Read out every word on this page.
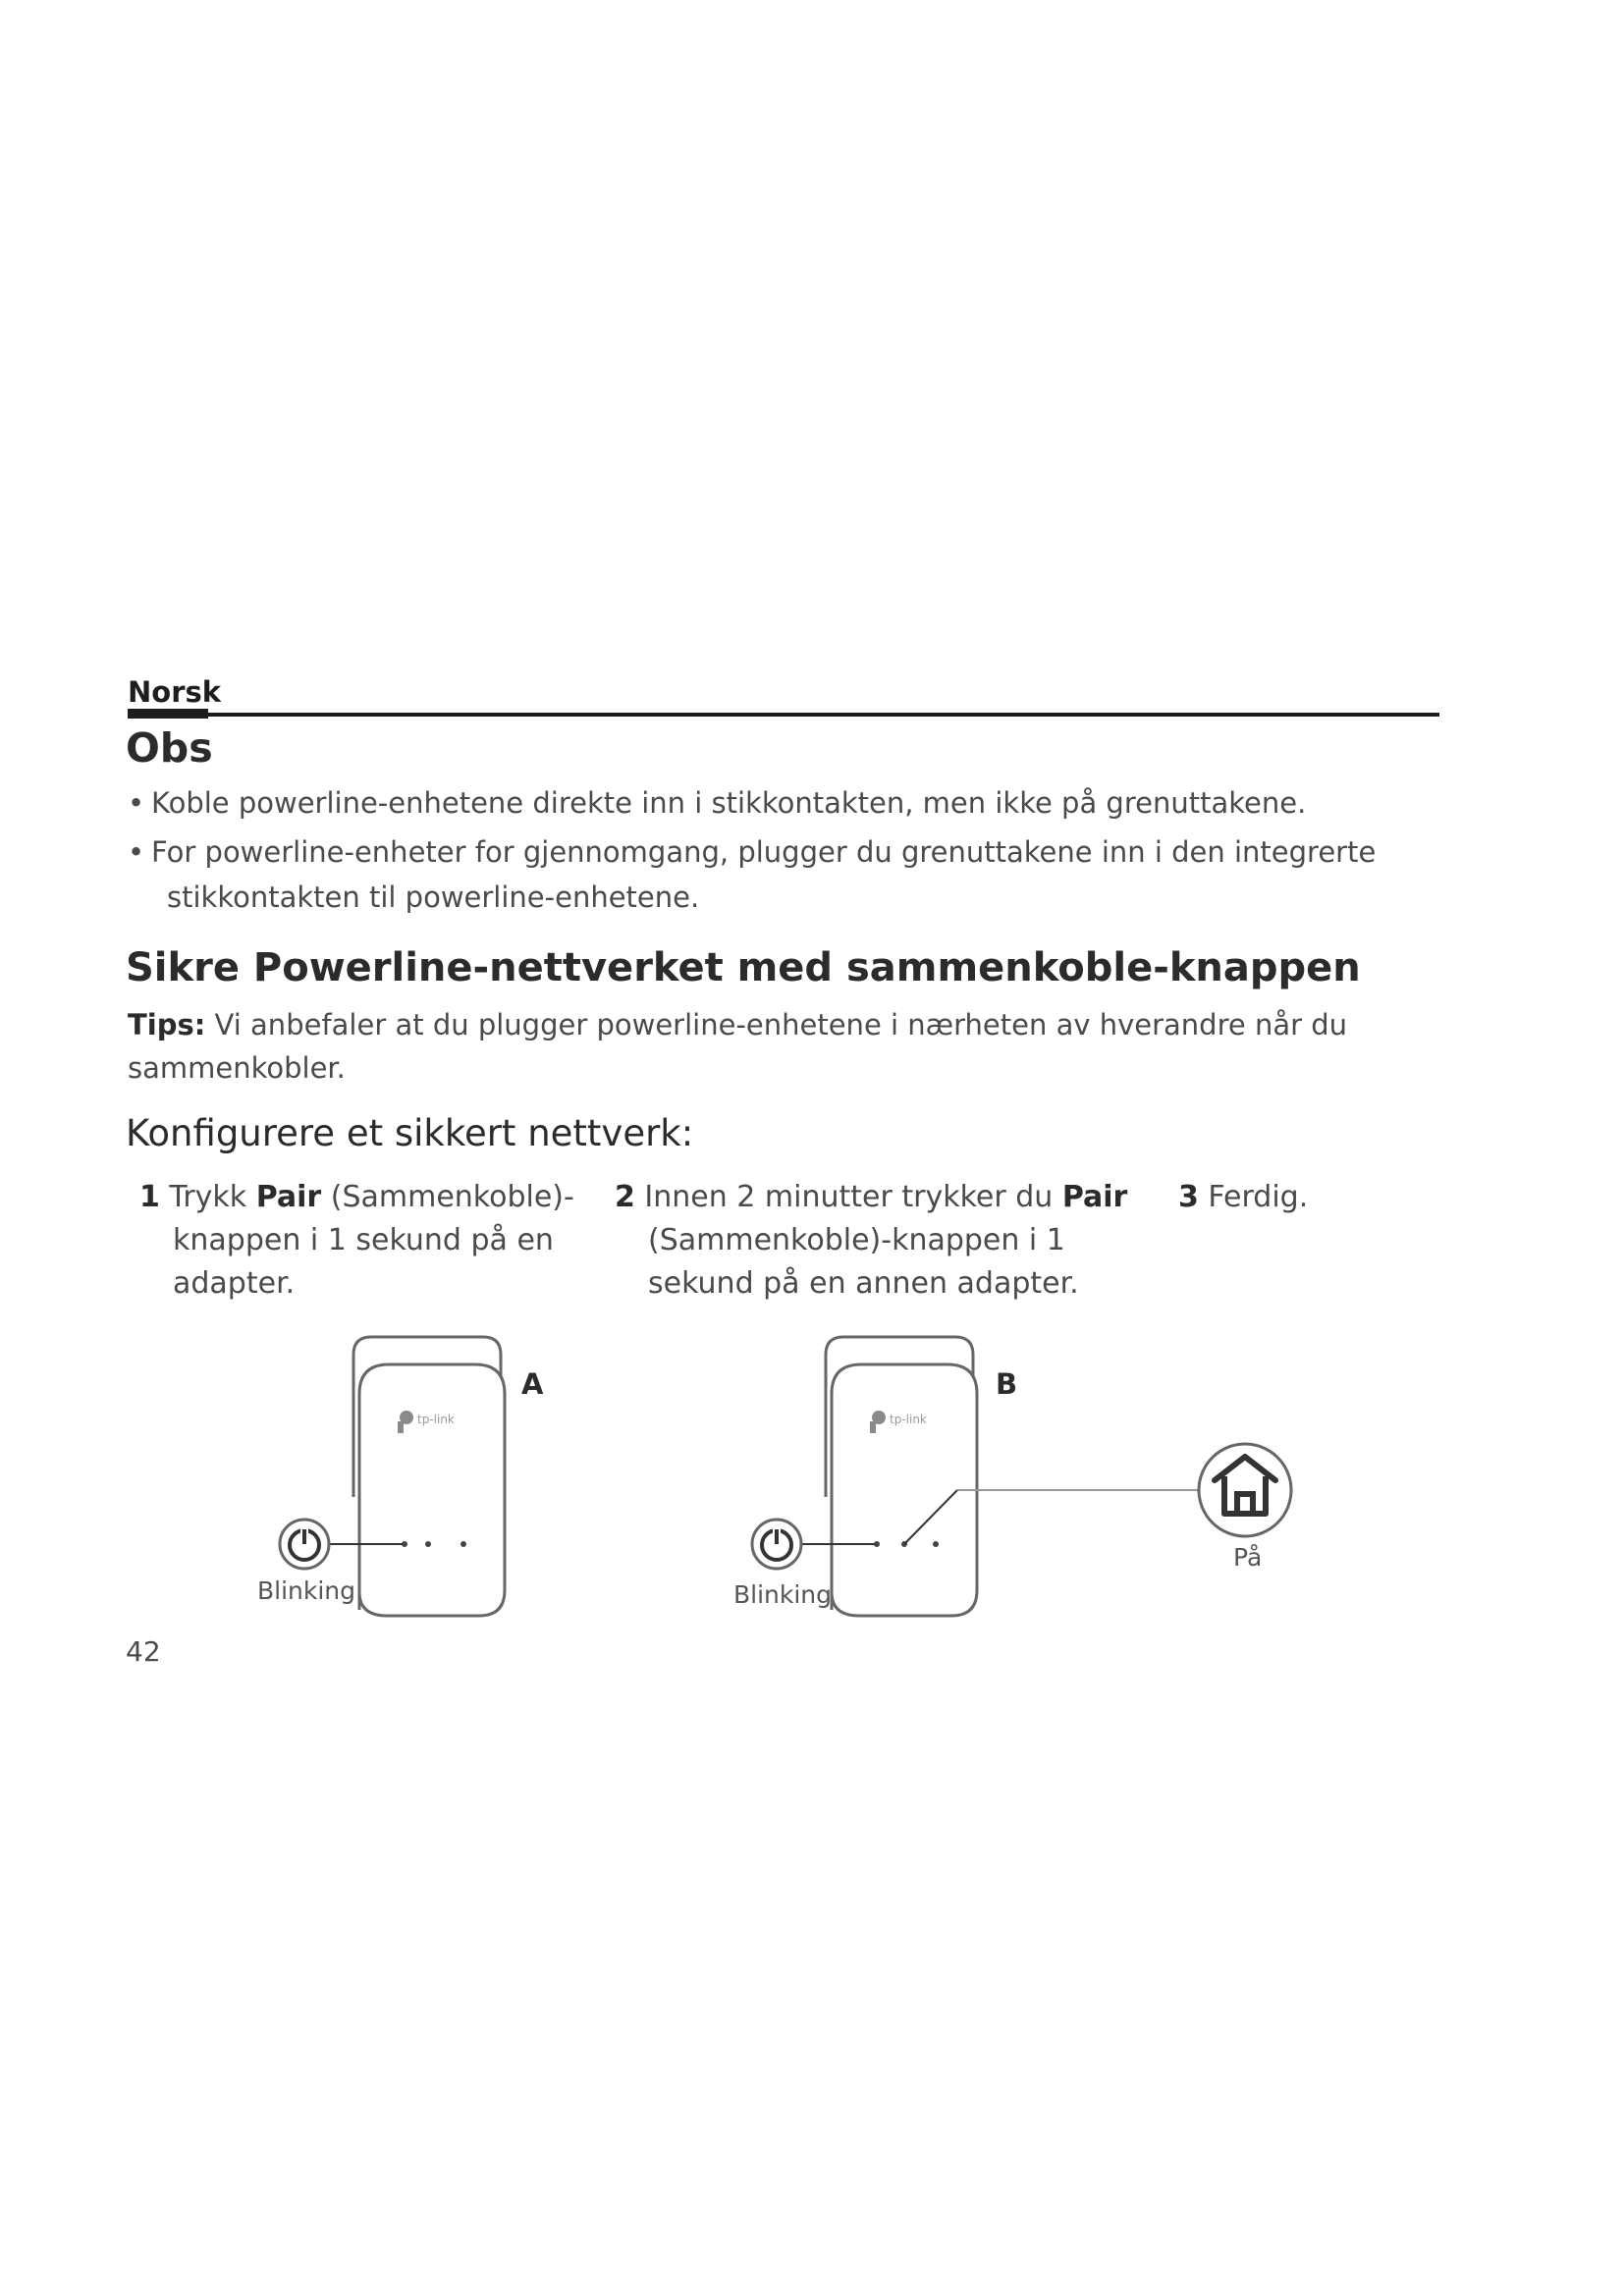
Norsk
Obs
• Koble powerline-enhetene direkte inn i stikkontakten, men ikke på grenuttakene.
• For powerline-enheter for gjennomgang, plugger du grenuttakene inn i den integrerte
stikkontakten til powerline-enhetene.
Sikre Powerline-nettverket med sammenkoble-knappen
Tips: Vi anbefaler at du plugger powerline-enhetene i nærheten av hverandre når du
sammenkobler.
Konfigurere et sikkert nettverk:
1 Trykk Pair (Sammenkoble)-
knappen i 1 sekund på en
adapter.
2 Innen 2 minutter trykker du Pair
(Sammenkoble)-knappen i 1
sekund på en annen adapter.
3 Ferdig.
tp-link
Blinking
A
tp-link
Blinking
B
På
42
